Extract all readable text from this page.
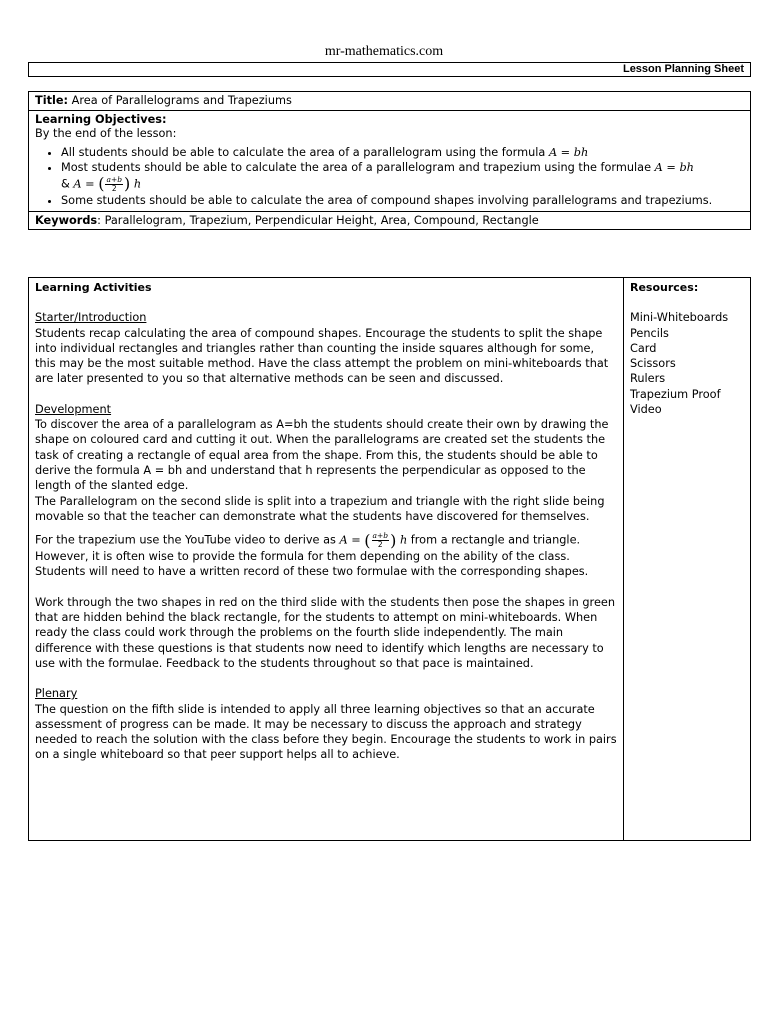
mr-mathematics.com
Lesson Planning Sheet
Title: Area of Parallelograms and Trapeziums
Learning Objectives:
By the end of the lesson:
• All students should be able to calculate the area of a parallelogram using the formula A = bh
• Most students should be able to calculate the area of a parallelogram and trapezium using the formulae A = bh
& A = ( $\frac{a+b}{2}$ ) h
• Some students should be able to calculate the area of compound shapes involving parallelograms and trapeziums.
Keywords: Parallelogram, Trapezium, Perpendicular Height, Area, Compound, Rectangle
Learning Activities
Starter/Introduction

Students recap calculating the area of compound shapes. Encourage the students to split the shape into individual rectangles and triangles rather than counting the inside squares although for some, this may be the most suitable method. Have the class attempt the problem on mini-whiteboards that are later presented to you so that alternative methods can be seen and discussed.

Development

To discover the area of a parallelogram as A=bh the students should create their own by drawing the shape on coloured card and cutting it out. When the parallelograms are created set the students the task of creating a rectangle of equal area from the shape. From this, the students should be able to derive the formula A = bh and understand that h represents the perpendicular as opposed to the length of the slanted edge.

The Parallelogram on the second slide is split into a trapezium and triangle with the right slide being movable so that the teacher can demonstrate what the students have discovered for themselves.

For the trapezium use the YouTube video to derive as A = ( $\frac{a+b}{2}$ ) h from a rectangle and triangle. However, it is often wise to provide the formula for them depending on the ability of the class. Students will need to have a written record of these two formulae with the corresponding shapes.

Work through the two shapes in red on the third slide with the students then pose the shapes in green that are hidden behind the black rectangle, for the students to attempt on mini-whiteboards. When ready the class could work through the problems on the fourth slide independently. The main difference with these questions is that students now need to identify which lengths are necessary to use with the formulae. Feedback to the students throughout so that pace is maintained.

Plenary

The question on the fifth slide is intended to apply all three learning objectives so that an accurate assessment of progress can be made. It may be necessary to discuss the approach and strategy needed to reach the solution with the class before they begin. Encourage the students to work in pairs on a single whiteboard so that peer support helps all to achieve.

Resources:
Mini-Whiteboards
Pencils
Card
Scissors
Rulers
Trapezium Proof
Video
